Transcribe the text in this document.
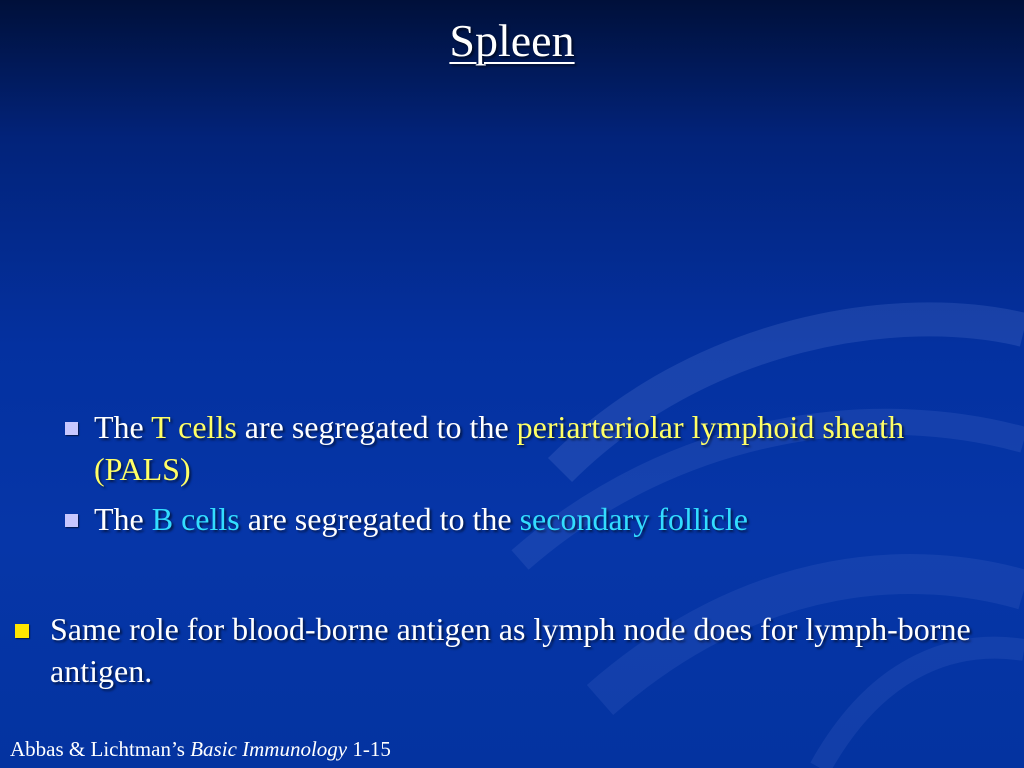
Spleen
The T cells are segregated to the periarteriolar lymphoid sheath (PALS)
The B cells are segregated to the secondary follicle
Same role for blood-borne antigen as lymph node does for lymph-borne antigen.
Abbas & Lichtman’s Basic Immunology 1-15
